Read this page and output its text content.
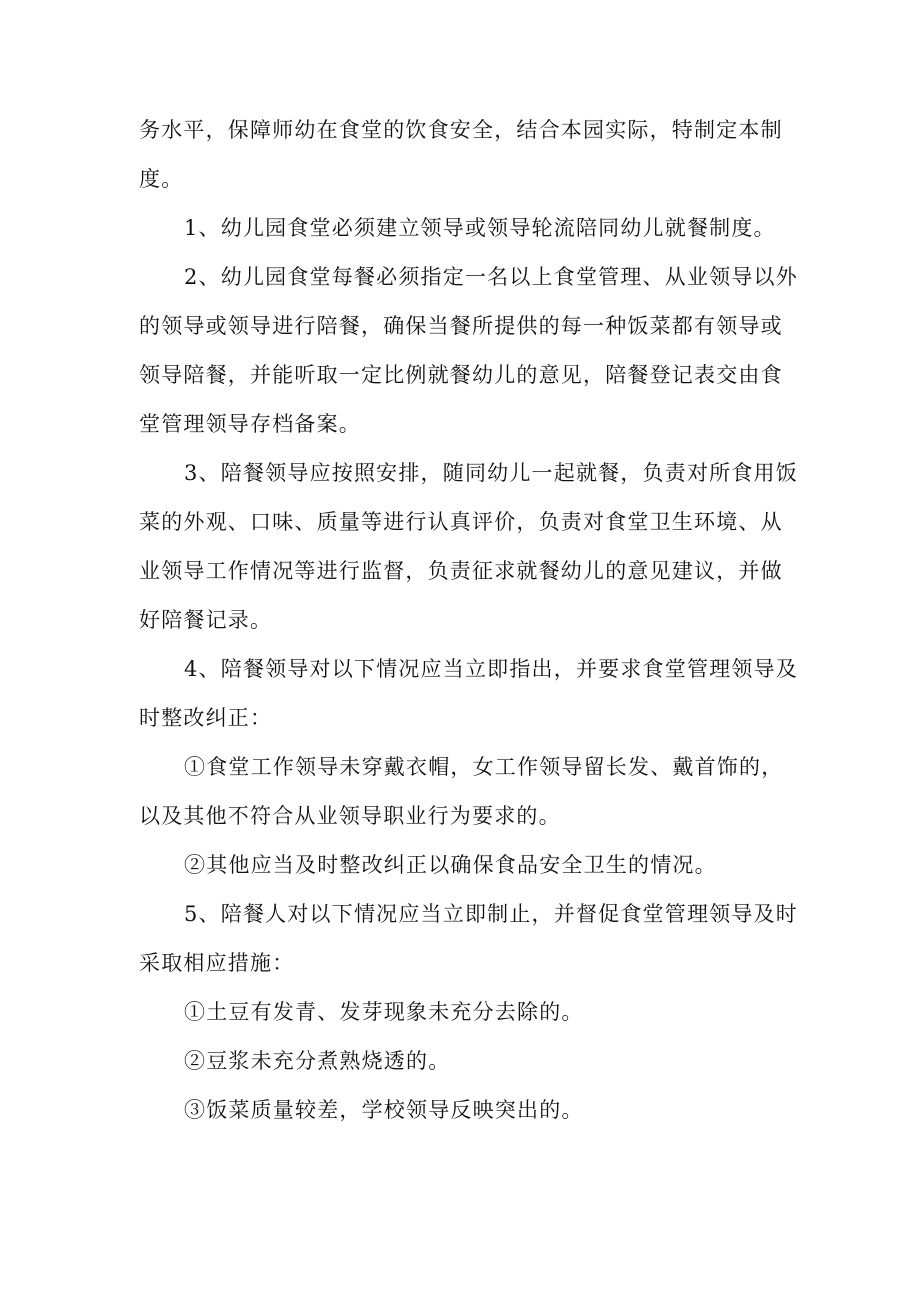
务水平，保障师幼在食堂的饮食安全，结合本园实际，特制定本制度。

1、幼儿园食堂必须建立领导或领导轮流陪同幼儿就餐制度。

2、幼儿园食堂每餐必须指定一名以上食堂管理、从业领导以外的领导或领导进行陪餐，确保当餐所提供的每一种饭菜都有领导或领导陪餐，并能听取一定比例就餐幼儿的意见，陪餐登记表交由食堂管理领导存档备案。

3、陪餐领导应按照安排，随同幼儿一起就餐，负责对所食用饭菜的外观、口味、质量等进行认真评价，负责对食堂卫生环境、从业领导工作情况等进行监督，负责征求就餐幼儿的意见建议，并做好陪餐记录。

4、陪餐领导对以下情况应当立即指出，并要求食堂管理领导及时整改纠正：

①食堂工作领导未穿戴衣帽，女工作领导留长发、戴首饰的，以及其他不符合从业领导职业行为要求的。

②其他应当及时整改纠正以确保食品安全卫生的情况。

5、陪餐人对以下情况应当立即制止，并督促食堂管理领导及时采取相应措施：

①土豆有发青、发芽现象未充分去除的。

②豆浆未充分煮熟烧透的。

③饭菜质量较差，学校领导反映突出的。
